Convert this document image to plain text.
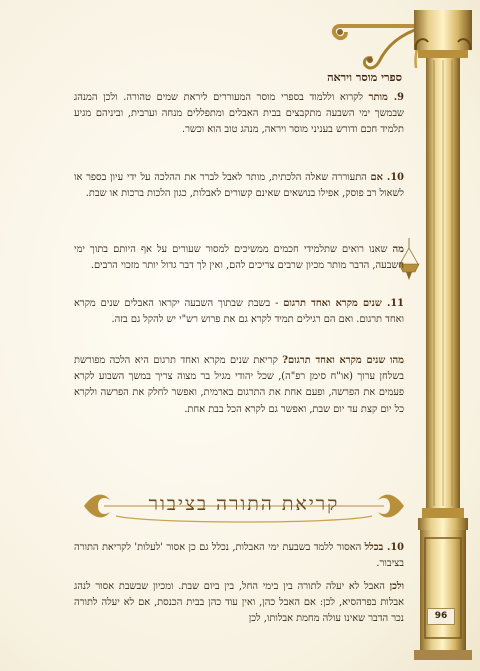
96
ספרי מוסר ויראה
9. מותר לקרוא וללמוד בספרי מוסר המעוררים ליראת שמים טהורה. ולכן המנהג שבמשך ימי השבעה מתקבצים בבית האבלים ומתפללים מנחה וערבית, וביניהם מגיע תלמיד חכם ודורש בעניני מוסר ויראה, מנהג טוב הוא וכשר.
10. אם התעוררה שאלה הלכתית, מותר לאבל לברר את ההלכה על ידי עיון בספר או לשאול רב פוסק, אפילו בנושאים שאינם קשורים לאבלות, כגון הלכות ברכות או שבת.
מה שאנו רואים שתלמידי חכמים ממשיכים למסור שעורים על אף היותם בתוך ימי השבעה, הדבר מותר מכיון שרבים צריכים להם, ואין לך דבר גדול יותר מזכוי הרבים.
11. שנים מקרא ואחד תרגום - בשבת שבתוך השבעה יקראו האבלים שנים מקרא ואחד תרגום. ואם הם רגילים תמיד לקרא גם את פרוש רש"י יש להקל גם בזה.
מהו שנים מקרא ואחד תרגום? קריאת שנים מקרא ואחד תרגום היא הלכה מפורשת בשלחן ערוך (או"ח סימן רפ"ה), שכל יהודי מגיל בר מצוה צריך במשך השבוע לקרא פעמים את הפרשה, ופעם אחת את התרגום בארמית, ואפשר לחלק את הפרשה ולקרא כל יום קצת עד יום שבת, ואפשר גם לקרא הכל בבת אחת.
קריאת התורה בציבור
10. בכלל האסור ללמד בשבעת ימי האבלות, נכלל גם כן אסור 'לעלות' לקריאת התורה בציבור.
ולכן האבל לא יעלה לתורה בין בימי החל, בין ביום שבת. ומכיון שבשבת אסור לנהג אבלות בפרהסיא, לכן: אם האבל כהן, ואין עוד כהן בבית הכנסת, אם לא יעלה לתורה נכר הדבר שאינו עולה מחמת אבלותו, לכן
